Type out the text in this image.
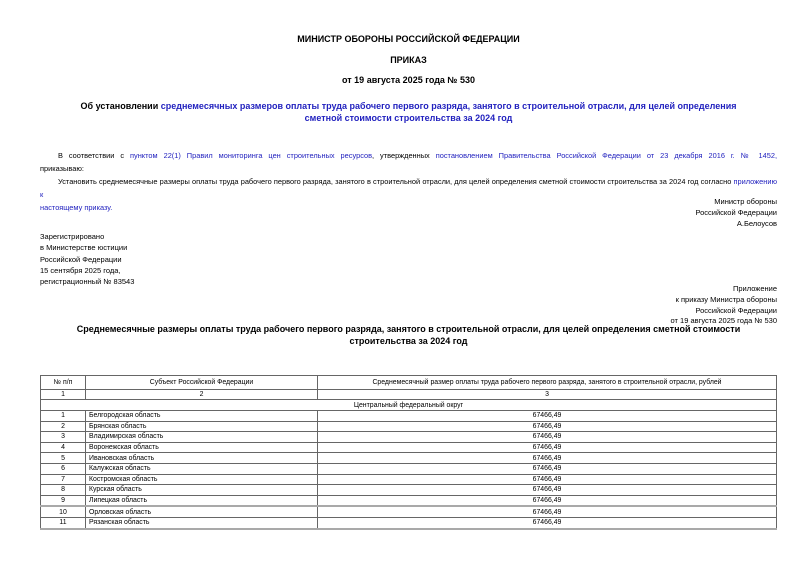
МИНИСТР ОБОРОНЫ РОССИЙСКОЙ ФЕДЕРАЦИИ
ПРИКАЗ
от 19 августа 2025 года № 530
Об установлении среднемесячных размеров оплаты труда рабочего первого разряда, занятого в строительной отрасли, для целей определения сметной стоимости строительства за 2024 год
В соответствии с пунктом 22(1) Правил мониторинга цен строительных ресурсов, утвержденных постановлением Правительства Российской Федерации от 23 декабря 2016 г. № 1452,
приказываю:
Установить среднемесячные размеры оплаты труда рабочего первого разряда, занятого в строительной отрасли, для целей определения сметной стоимости строительства за 2024 год согласно приложению к
настоящему приказу.
Министр обороны
Российской Федерации
А.Белоусов
Зарегистрировано
в Министерстве юстиции
Российской Федерации
15 сентября 2025 года,
регистрационный № 83543
Приложение
к приказу Министра обороны
Российской Федерации
от 19 августа 2025 года № 530
Среднемесячные размеры оплаты труда рабочего первого разряда, занятого в строительной отрасли, для целей определения сметной стоимости строительства за 2024 год
№ п/п	Субъект Российской Федерации	Среднемесячный размер оплаты труда рабочего первого разряда, занятого в строительной отрасли, рублей
1	2	3
Центральный федеральный округ		
1	Белгородская область	67466,49
2	Брянская область	67466,49
3	Владимирская область	67466,49
4	Воронежская область	67466,49
5	Ивановская область	67466,49
6	Калужская область	67466,49
7	Костромская область	67466,49
8	Курская область	67466,49
9	Липецкая область	67466,49
10	Орловская область	67466,49
11	Рязанская область	67466,49
